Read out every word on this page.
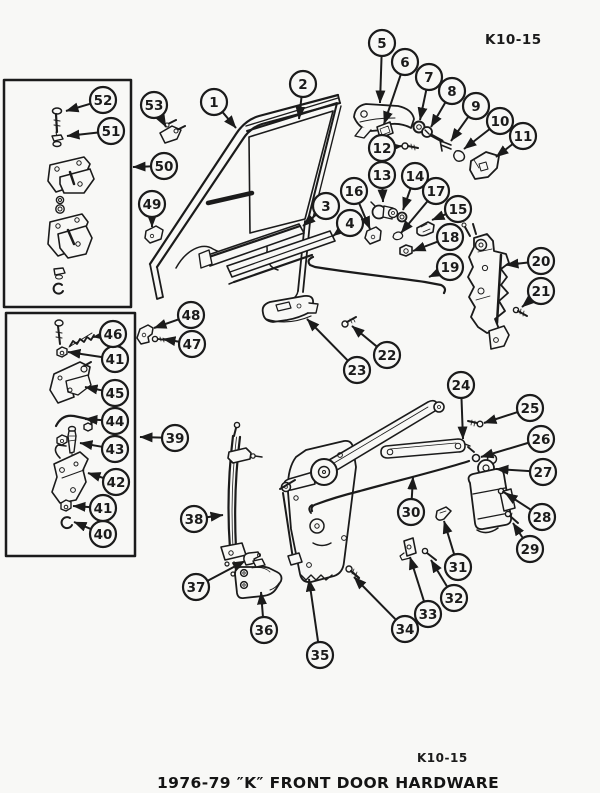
1
2
3
4
5
6
7
8
9
10
11
12
13 14
15
16	17
18
19	20
21
22
23
24
25
26
27
28
29
30
31
32
33
34
35
36
37
38
39
40
41
41
42
43
44
45
46
47
48
49
50
51
52 53
K10-15
K10-15
1976-79 ″K″ FRONT DOOR HARDWARE
